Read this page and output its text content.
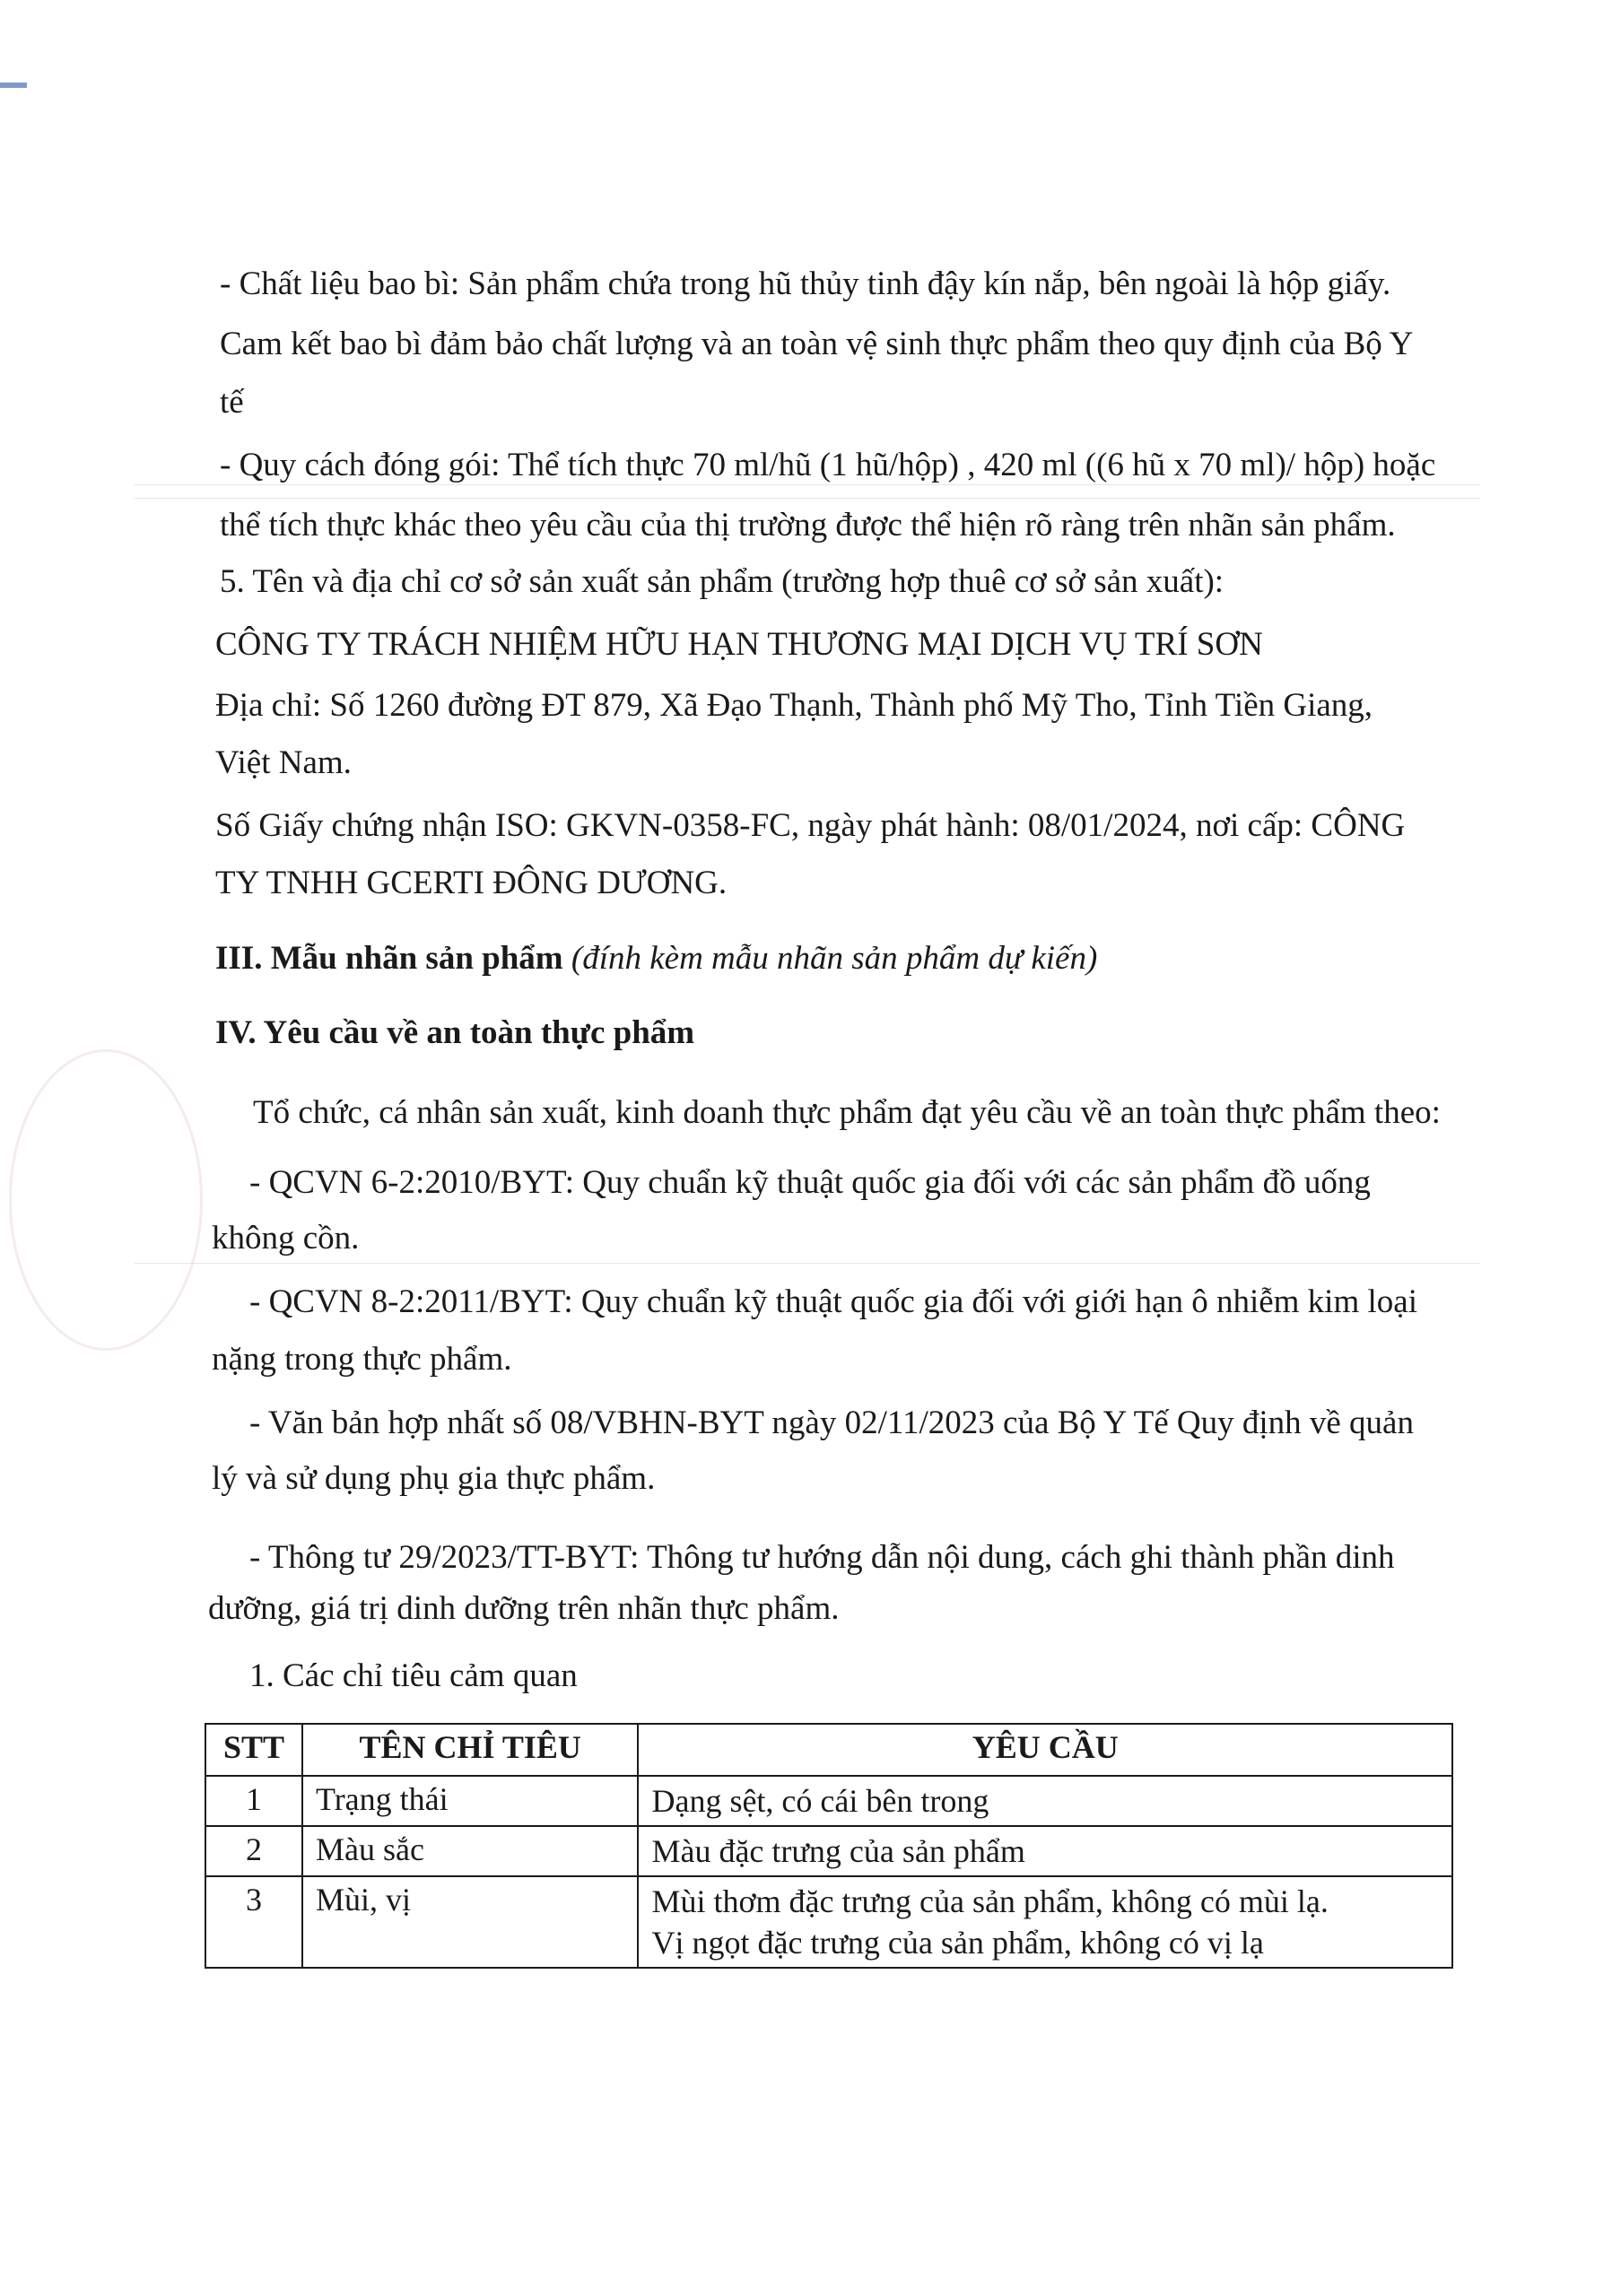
- Chất liệu bao bì: Sản phẩm chứa trong hũ thủy tinh đậy kín nắp, bên ngoài là hộp giấy.
Cam kết bao bì đảm bảo chất lượng và an toàn vệ sinh thực phẩm theo quy định của Bộ Y
tế
- Quy cách đóng gói: Thể tích thực 70 ml/hũ (1 hũ/hộp) , 420 ml ((6 hũ x 70 ml)/ hộp) hoặc
thể tích thực khác theo yêu cầu của thị trường được thể hiện rõ ràng trên nhãn sản phẩm.
5. Tên và địa chỉ cơ sở sản xuất sản phẩm (trường hợp thuê cơ sở sản xuất):
CÔNG TY TRÁCH NHIỆM HỮU HẠN THƯƠNG MẠI DỊCH VỤ TRÍ SƠN
Địa chỉ: Số 1260 đường ĐT 879, Xã Đạo Thạnh, Thành phố Mỹ Tho, Tỉnh Tiền Giang,
Việt Nam.
Số Giấy chứng nhận ISO: GKVN-0358-FC, ngày phát hành: 08/01/2024, nơi cấp: CÔNG
TY TNHH GCERTI ĐÔNG DƯƠNG.
III. Mẫu nhãn sản phẩm (đính kèm mẫu nhãn sản phẩm dự kiến)
IV. Yêu cầu về an toàn thực phẩm
Tổ chức, cá nhân sản xuất, kinh doanh thực phẩm đạt yêu cầu về an toàn thực phẩm theo:
- QCVN 6-2:2010/BYT: Quy chuẩn kỹ thuật quốc gia đối với các sản phẩm đồ uống
không cồn.
- QCVN 8-2:2011/BYT: Quy chuẩn kỹ thuật quốc gia đối với giới hạn ô nhiễm kim loại
nặng trong thực phẩm.
- Văn bản hợp nhất số 08/VBHN-BYT ngày 02/11/2023 của Bộ Y Tế Quy định về quản
lý và sử dụng phụ gia thực phẩm.
- Thông tư 29/2023/TT-BYT: Thông tư hướng dẫn nội dung, cách ghi thành phần dinh
dưỡng, giá trị dinh dưỡng trên nhãn thực phẩm.
1. Các chỉ tiêu cảm quan
STT	TÊN CHỈ TIÊU	YÊU CẦU
1	Trạng thái	Dạng sệt, có cái bên trong

2	Màu sắc	Màu đặc trưng của sản phẩm

3	Mùi, vị	Mùi thơm đặc trưng của sản phẩm, không có mùi lạ.
Vị ngọt đặc trưng của sản phẩm, không có vị lạ
